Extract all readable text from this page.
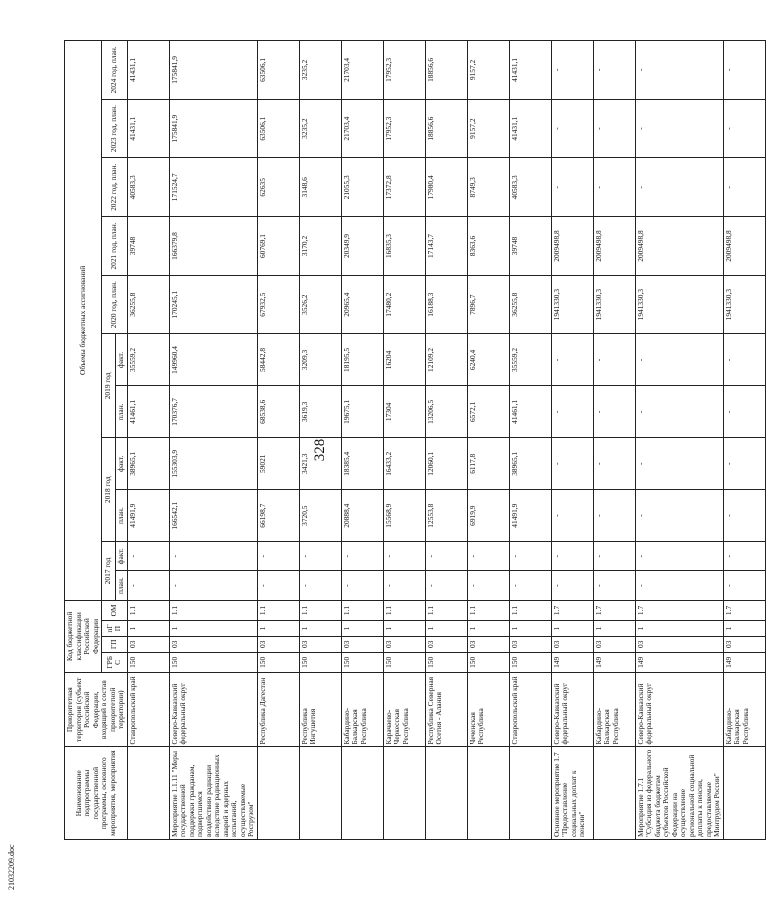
328
Наименование подпрограммы государственной программы, основного мероприятия, мероприятия	Приоритетная территория (субъект Российской Федерации, входящий в состав приоритетной территории)	Код бюджетной классификации Российской Федерации				Объемы бюджетных ассигнований										
		ГРБС	ГП	пГП	ОМ	2017 год		2018 год		2019 год		2020 год, план.	2021 год, план.	2022 год, план.	2023 год, план.	2024 год, план.
						план.	факт.	план.	факт.	план.	факт.					
	Ставропольский край	150	03	1	1.1	-	-	41491,9	38965,1	41461,1	35559,2	36255,8	39748	40583,3	41431,1	41431,1
Мероприятие 1.1.11 "Меры государственной поддержки гражданам, подвергшимся воздействию радиации вследствие радиационных аварий и ядерных испытаний, осуществляемые Росгрузом"	Северо-Кавказский федеральный округ	150	03	1	1.1	-	-	166542,1	155303,9	170376,7	149960,4	170245,1	166379,8	171524,7	175841,9	175841,9
	Республика Дагестан	150	03	1	1.1	-	-	66198,7	59021	68538,6	58442,8	67932,5	60769,1	62635	63506,1	63506,1
	Республика Ингушетия	150	03	1	1.1	-	-	3720,5	3421,3	3619,3	3209,3	3526,2	3170,2	3148,6	3235,2	3235,2
	Кабардино-Балкарская Республика	150	03	1	1.1	-	-	20888,4	18385,4	19675,1	18195,5	20965,4	20349,9	21055,3	21703,4	21703,4
	Карачаево-Черкесская Республика	150	03	1	1.1	-	-	15568,9	16433,2	17304	16204	17480,2	16835,3	17372,8	17952,3	17952,3
	Республика Северная Осетия - Алания	150	03	1	1.1	-	-	12553,8	12060,1	13206,5	12109,2	16188,3	17143,7	17980,4	18856,6	18856,6
	Чеченская Республика	150	03	1	1.1	-	-	6919,9	6117,8	6572,1	6240,4	7896,7	8363,6	8749,3	9157,2	9157,2
	Ставропольский край	150	03	1	1.1	-	-	41491,9	38965,1	41461,1	35559,2	36255,8	39748	40583,3	41431,1	41431,1
Основное мероприятие 1.7 "Предоставление социальных доплат к пенсии"	Северо-Кавказский федеральный округ	149	03	1	1.7	-	-	-	-	-	-	1941330,3	2009498,8	-	-	-
	Кабардино-Балкарская Республика	149	03	1	1.7	-	-	-	-	-	-	1941330,3	2009498,8	-	-	-
Мероприятие 1.7.1 "Субсидия из федерального бюджета бюджетам субъектов Российской Федерации на осуществление региональной социальной доплаты к пенсии, предоставляемые Минтрудом России"	Северо-Кавказский федеральный округ	149	03	1	1.7	-	-	-	-	-	-	1941330,3	2009498,8	-	-	-
	Кабардино-Балкарская Республика	149	03	1	1.7	-	-	-	-	-	-	1941330,3	2009498,8	-	-	-
21032209.doc
